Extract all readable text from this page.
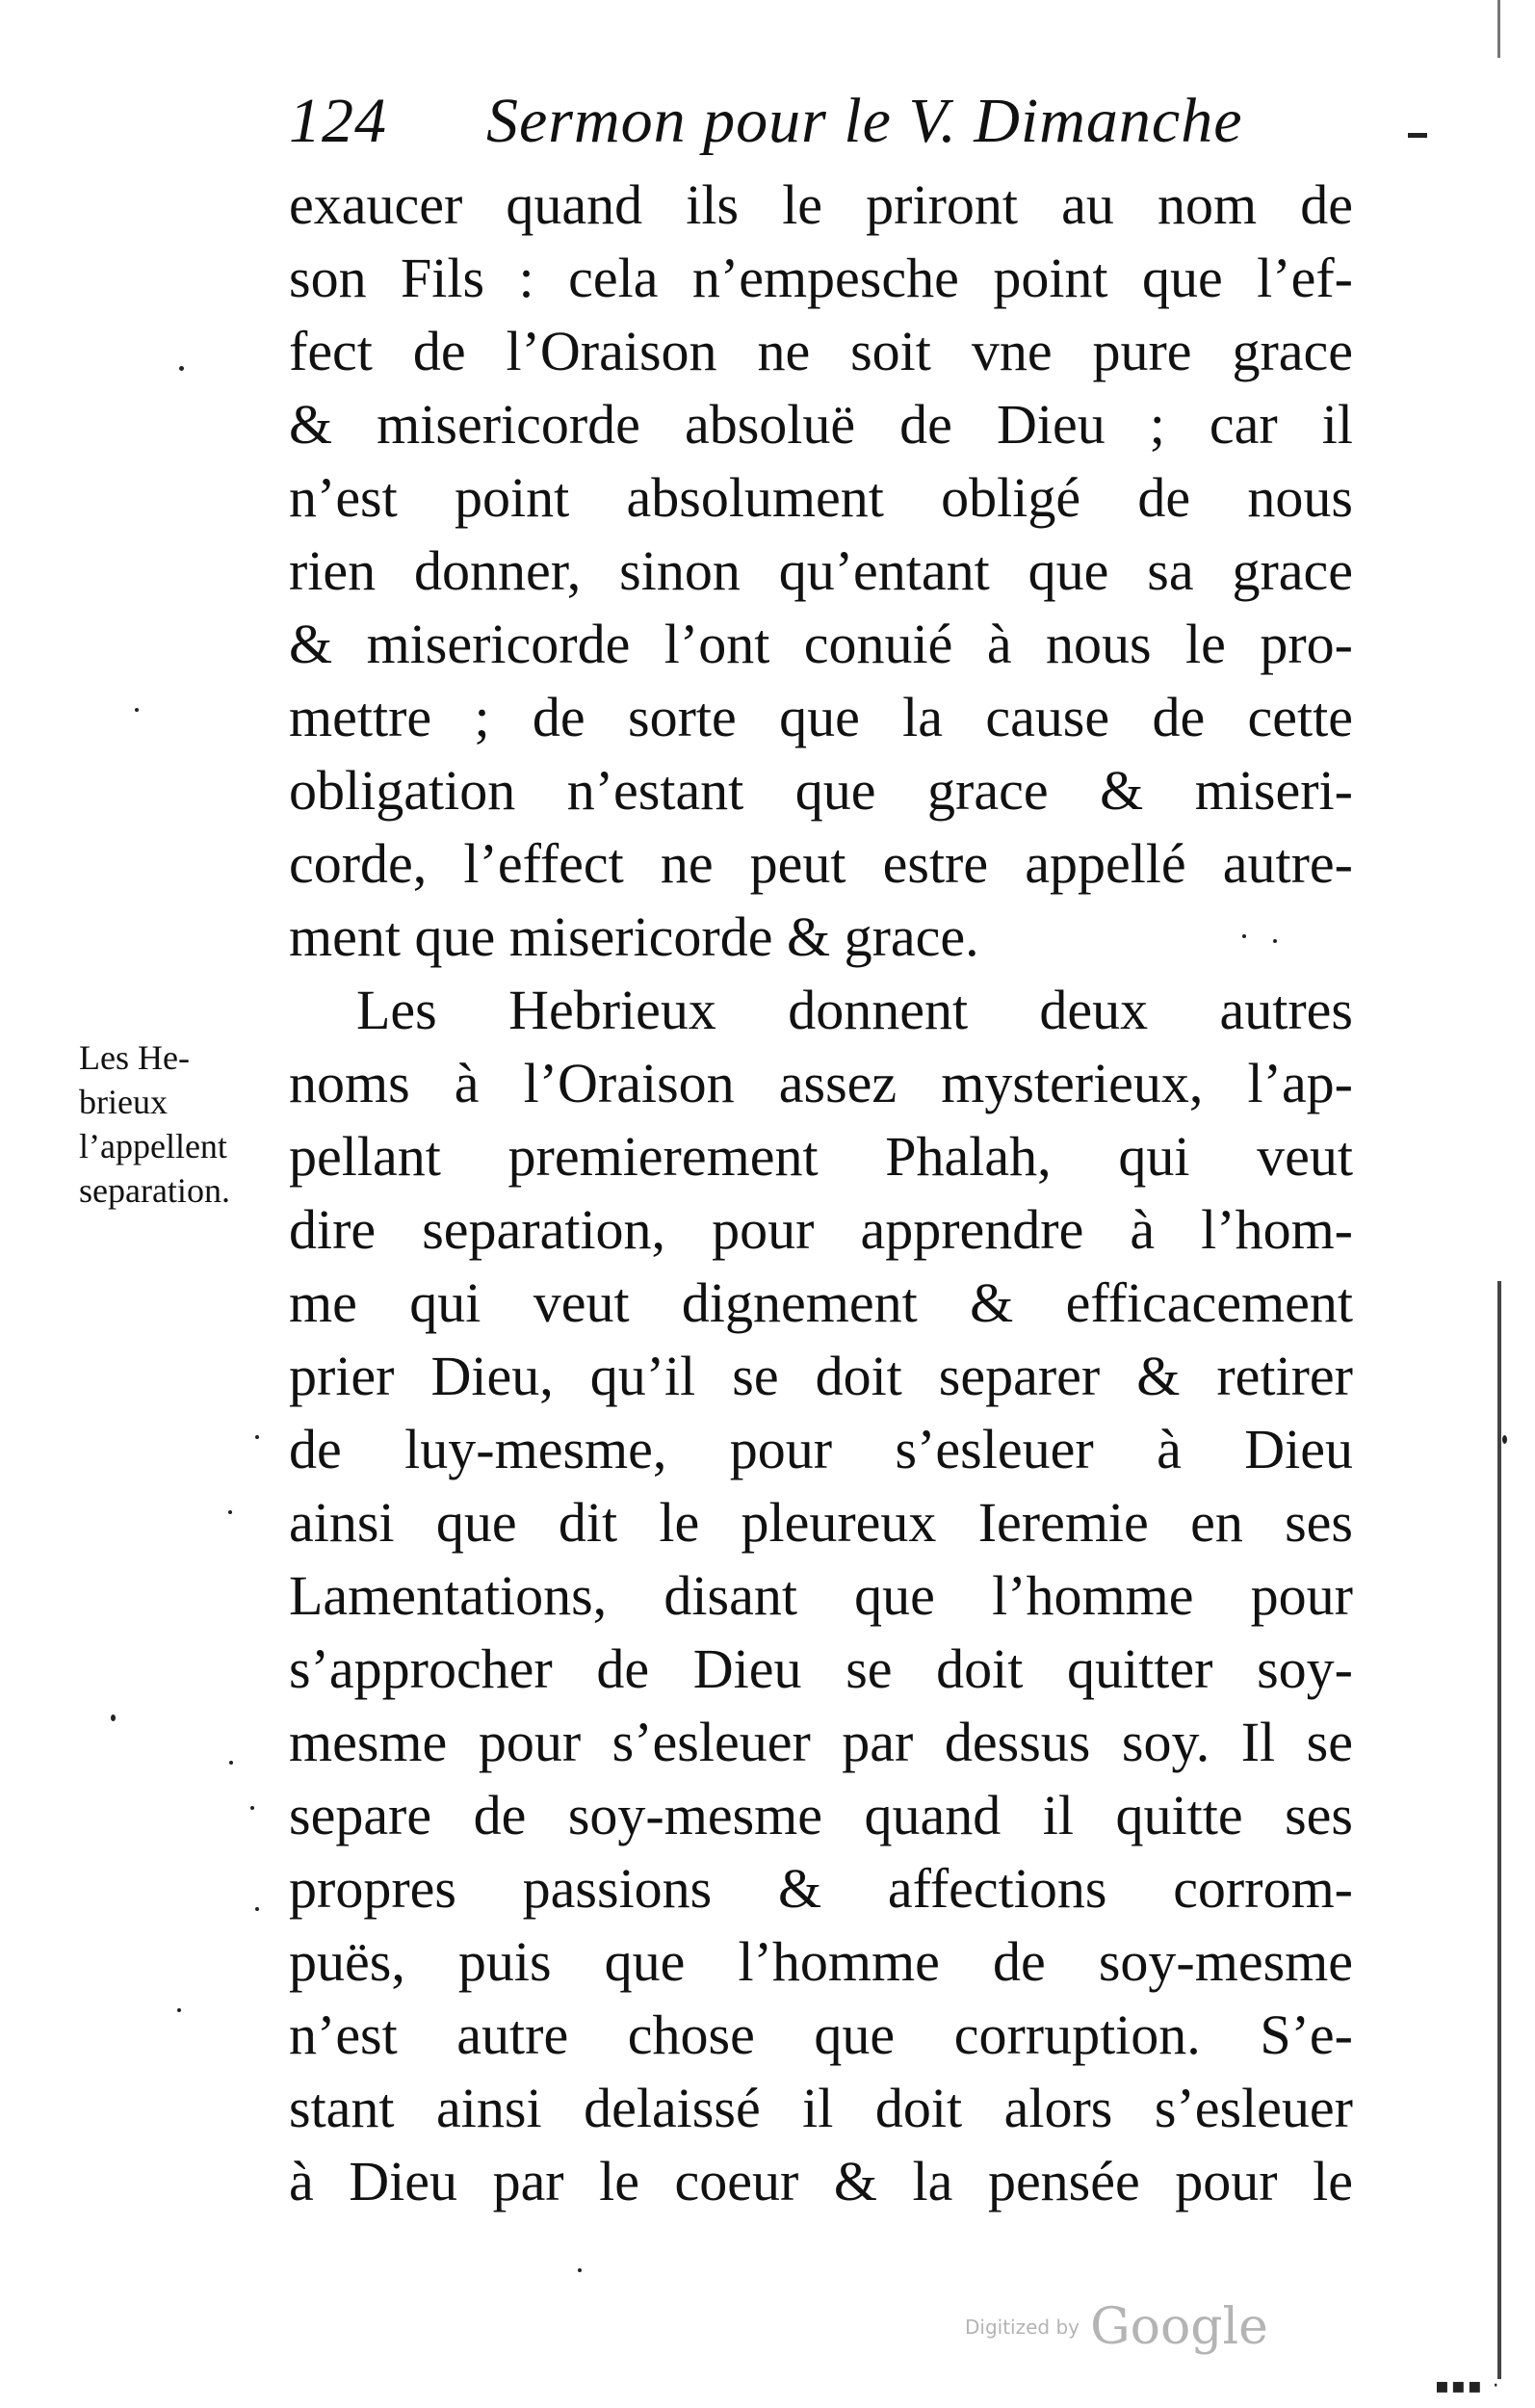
124 Sermon pour le V. Dimanche
exaucer quand ils le priront au nom de
son Fils : cela n’empesche point que l’ef-
fect de l’Oraison ne soit vne pure grace
& misericorde absoluë de Dieu ; car il
n’est point absolument obligé de nous
rien donner, sinon qu’entant que sa grace
& misericorde l’ont conuié à nous le pro-
mettre ; de sorte que la cause de cette
obligation n’estant que grace & miseri-
corde, l’effect ne peut estre appellé autre-
ment que misericorde & grace.
Les Hebrieux donnent deux autres
noms à l’Oraison assez mysterieux, l’ap-
pellant premierement Phalah, qui veut
dire separation, pour apprendre à l’hom-
me qui veut dignement & efficacement
prier Dieu, qu’il se doit separer & retirer
de luy-mesme, pour s’esleuer à Dieu
ainsi que dit le pleureux Ieremie en ses
Lamentations, disant que l’homme pour
s’approcher de Dieu se doit quitter soy-
mesme pour s’esleuer par dessus soy. Il se
separe de soy-mesme quand il quitte ses
propres passions & affections corrom-
puës, puis que l’homme de soy-mesme
n’est autre chose que corruption. S’e-
stant ainsi delaissé il doit alors s’esleuer
à Dieu par le coeur & la pensée pour le
Les He-
brieux
l’appellent
separation.
▪▪▪ ·
Digitized by Google
